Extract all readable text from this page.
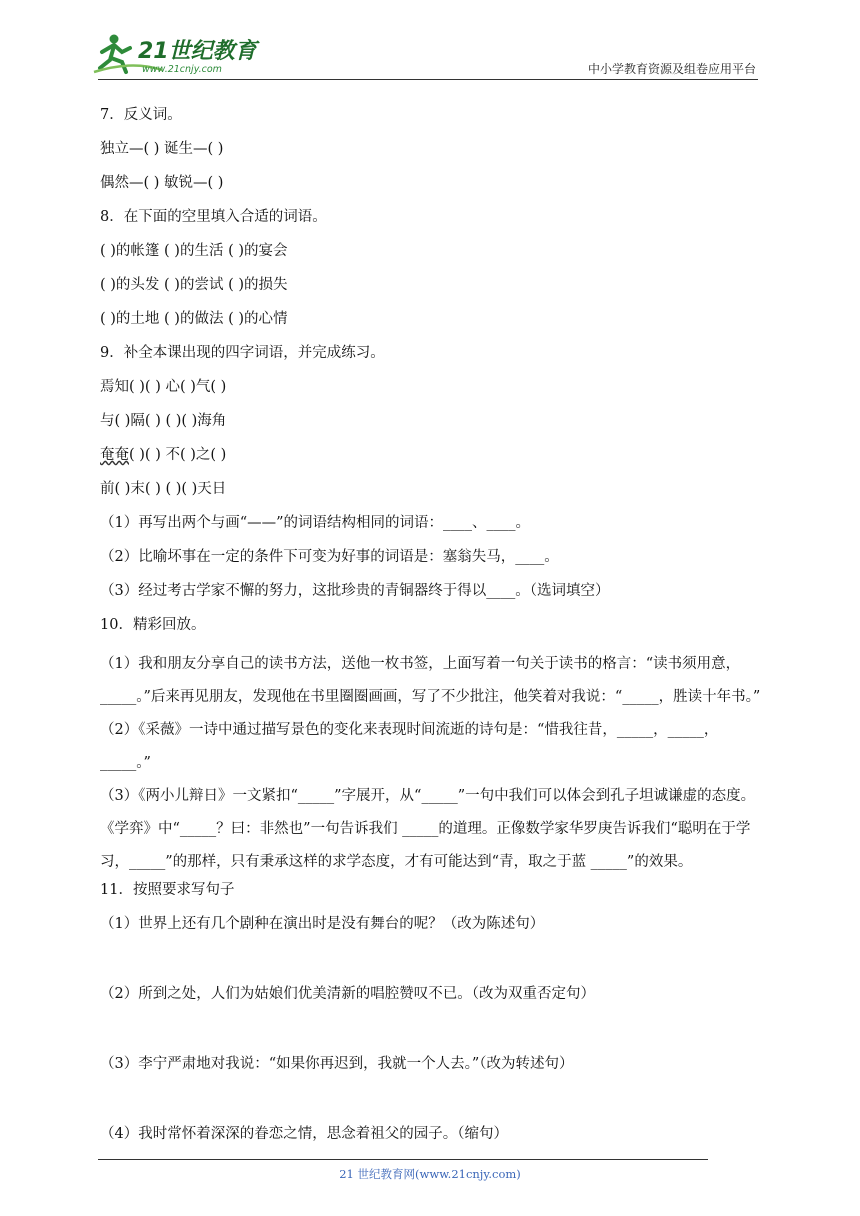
21世纪教育
www.21cnjy.com	中小学教育资源及组卷应用平台
7．反义词。
独立—( ) 诞生—( )
偶然—( ) 敏锐—( )
8．在下面的空里填入合适的词语。
( )的帐篷 ( )的生活 ( )的宴会
( )的头发 ( )的尝试 ( )的损失
( )的土地 ( )的做法 ( )的心情
9．补全本课出现的四字词语，并完成练习。
焉知( )( ) 心( )气( )
与( )隔( ) ( )( )海角
奄奄( )( ) 不( )之( )
前( )末( ) ( )( )天日
（1）再写出两个与画“——”的词语结构相同的词语：____、____。
（2）比喻坏事在一定的条件下可变为好事的词语是：塞翁失马，____。
（3）经过考古学家不懈的努力，这批珍贵的青铜器终于得以____。（选词填空）
10．精彩回放。
（1）我和朋友分享自己的读书方法，送他一枚书签，上面写着一句关于读书的格言：“读书须用意，_____。”后来再见朋友，发现他在书里圈圈画画，写了不少批注，他笑着对我说：“_____，胜读十年书。”
（2）《采薇》一诗中通过描写景色的变化来表现时间流逝的诗句是：“惜我往昔，_____，_____，_____。”
（3）《两小儿辩日》一文紧扣“_____”字展开，从“_____”一句中我们可以体会到孔子坦诚谦虚的态度。《学弈》中“_____？曰：非然也”一句告诉我们 _____的道理。正像数学家华罗庚告诉我们“聪明在于学习，_____”的那样，只有秉承这样的求学态度，才有可能达到“青，取之于蓝 _____”的效果。
11．按照要求写句子
（1）世界上还有几个剧种在演出时是没有舞台的呢？（改为陈述句）
（2）所到之处，人们为姑娘们优美清新的唱腔赞叹不已。（改为双重否定句）
（3）李宁严肃地对我说：“如果你再迟到，我就一个人去。”（改为转述句）
（4）我时常怀着深深的眷恋之情，思念着祖父的园子。（缩句）
21 世纪教育网(www.21cnjy.com)
